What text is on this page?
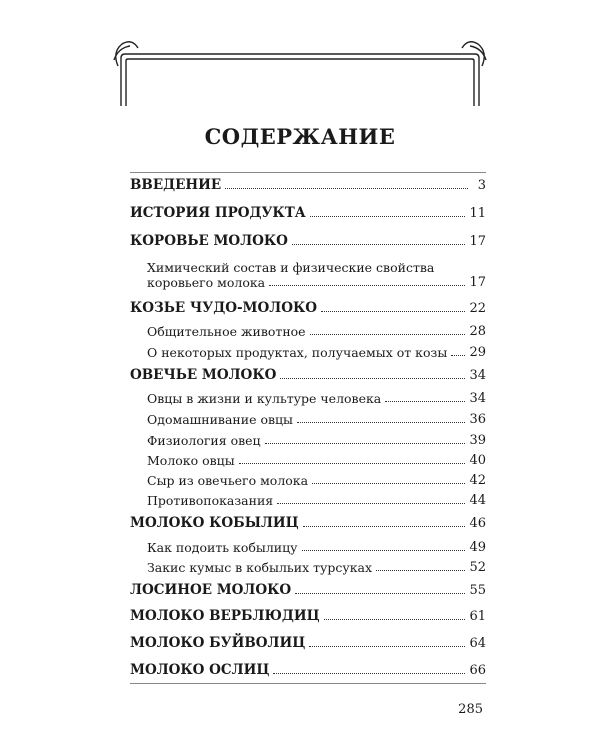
СОДЕРЖАНИЕ
ВВЕДЕНИЕ	3
ИСТОРИЯ ПРОДУКТА	11
КОРОВЬЕ МОЛОКО	17
Химический состав и физические свойства
коровьего молока	17
КОЗЬЕ ЧУДО-МОЛОКО	22
Общительное животное	28
О некоторых продуктах, получаемых от козы 29
ОВЕЧЬЕ МОЛОКО	34
Овцы в жизни и культуре человека	34
Одомашнивание овцы	36
Физиология овец	39
Молоко овцы	40
Сыр из овечьего молока	42
Противопоказания	44
МОЛОКО КОБЫЛИЦ	46
Как подоить кобылицу	49
Закис кумыс в кобыльих турсуках	52
ЛОСИНОЕ МОЛОКО	55
МОЛОКО ВЕРБЛЮДИЦ	61
МОЛОКО БУЙВОЛИЦ	64
МОЛОКО ОСЛИЦ	66
285
